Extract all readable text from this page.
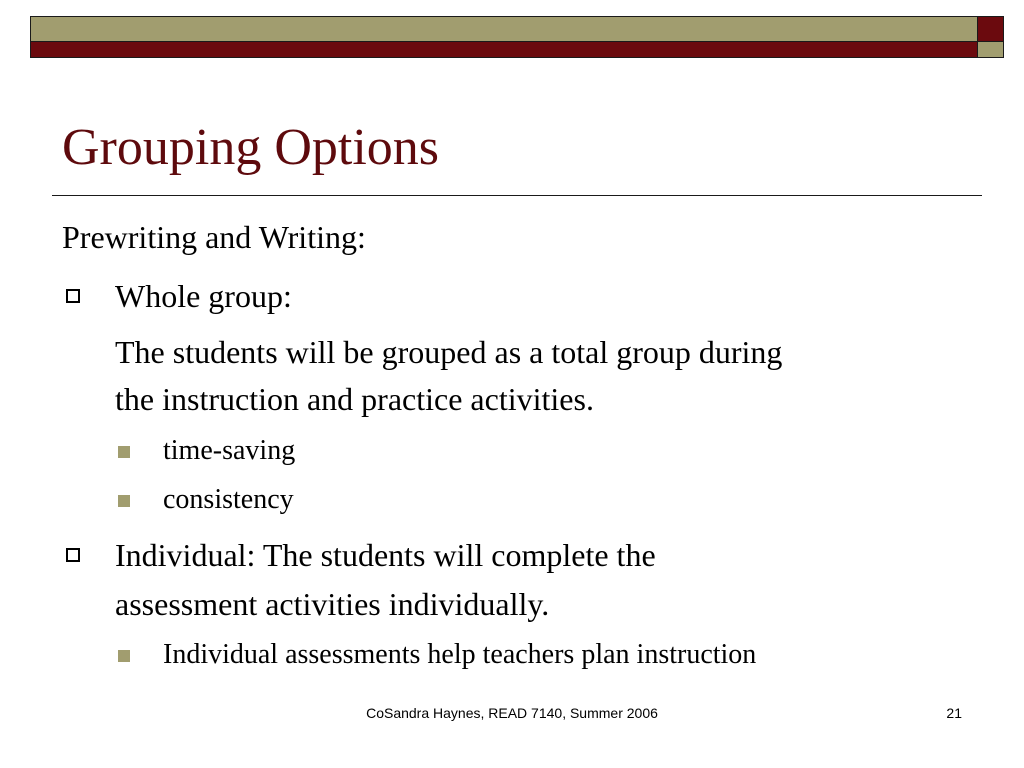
Grouping Options
Prewriting and Writing:
Whole group:
The students will be grouped as a total group during
the instruction and practice activities.
time-saving
consistency
Individual: The students will complete the
assessment activities individually.
Individual assessments help teachers plan instruction
CoSandra Haynes, READ 7140, Summer 2006	21
